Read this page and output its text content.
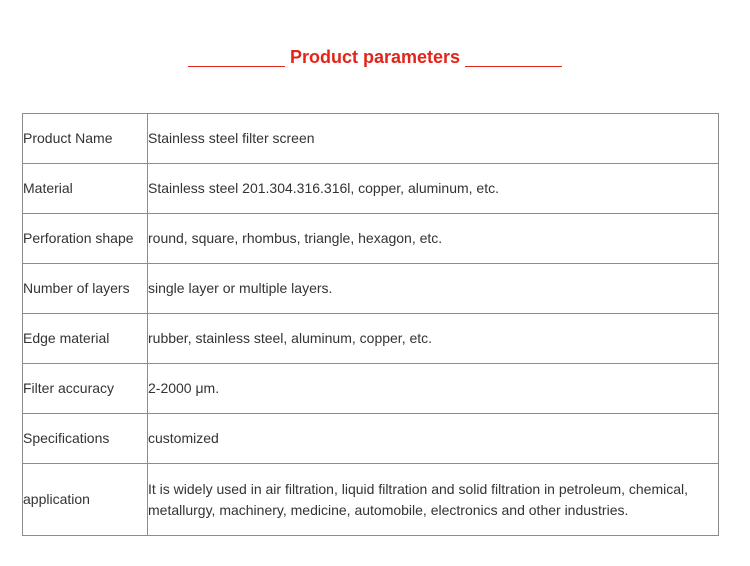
Product parameters
Product Name	Stainless steel filter screen
Material	Stainless steel 201.304.316.316l, copper, aluminum, etc.
Perforation shape	round, square, rhombus, triangle, hexagon, etc.
Number of layers	single layer or multiple layers.
Edge material	rubber, stainless steel, aluminum, copper, etc.
Filter accuracy	2-2000 μm.
Specifications	customized
application	It is widely used in air filtration, liquid filtration and solid filtration in petroleum, chemical, metallurgy, machinery, medicine, automobile, electronics and other industries.
